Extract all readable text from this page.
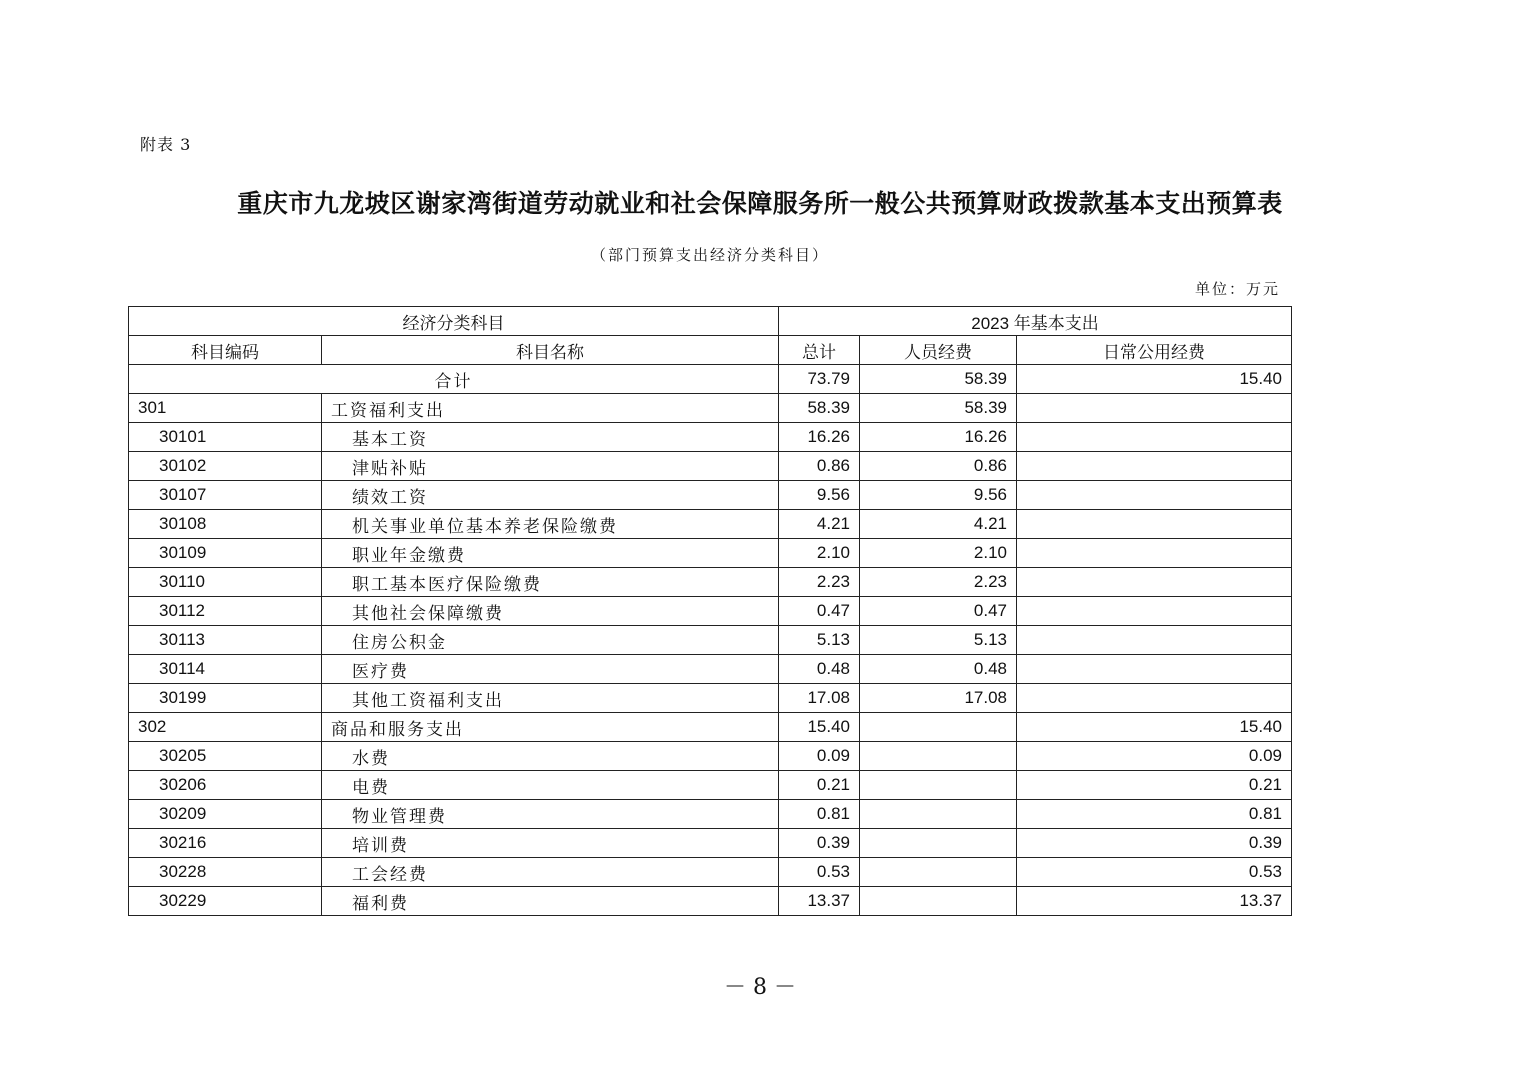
附表 3
重庆市九龙坡区谢家湾街道劳动就业和社会保障服务所一般公共预算财政拨款基本支出预算表
（部门预算支出经济分类科目）
单位：万元
经济分类科目		2023 年基本支出		
科目编码	科目名称	总计	人员经费	日常公用经费
合计		73.79	58.39	15.40
301	工资福利支出	58.39	58.39	
30101	基本工资	16.26	16.26	
30102	津贴补贴	0.86	0.86	
30107	绩效工资	9.56	9.56	
30108	机关事业单位基本养老保险缴费	4.21	4.21	
30109	职业年金缴费	2.10	2.10	
30110	职工基本医疗保险缴费	2.23	2.23	
30112	其他社会保障缴费	0.47	0.47	
30113	住房公积金	5.13	5.13	
30114	医疗费	0.48	0.48	
30199	其他工资福利支出	17.08	17.08	
302	商品和服务支出	15.40		15.40
30205	水费	0.09		0.09
30206	电费	0.21		0.21
30209	物业管理费	0.81		0.81
30216	培训费	0.39		0.39
30228	工会经费	0.53		0.53
30229	福利费	13.37		13.37
－ 8 －
